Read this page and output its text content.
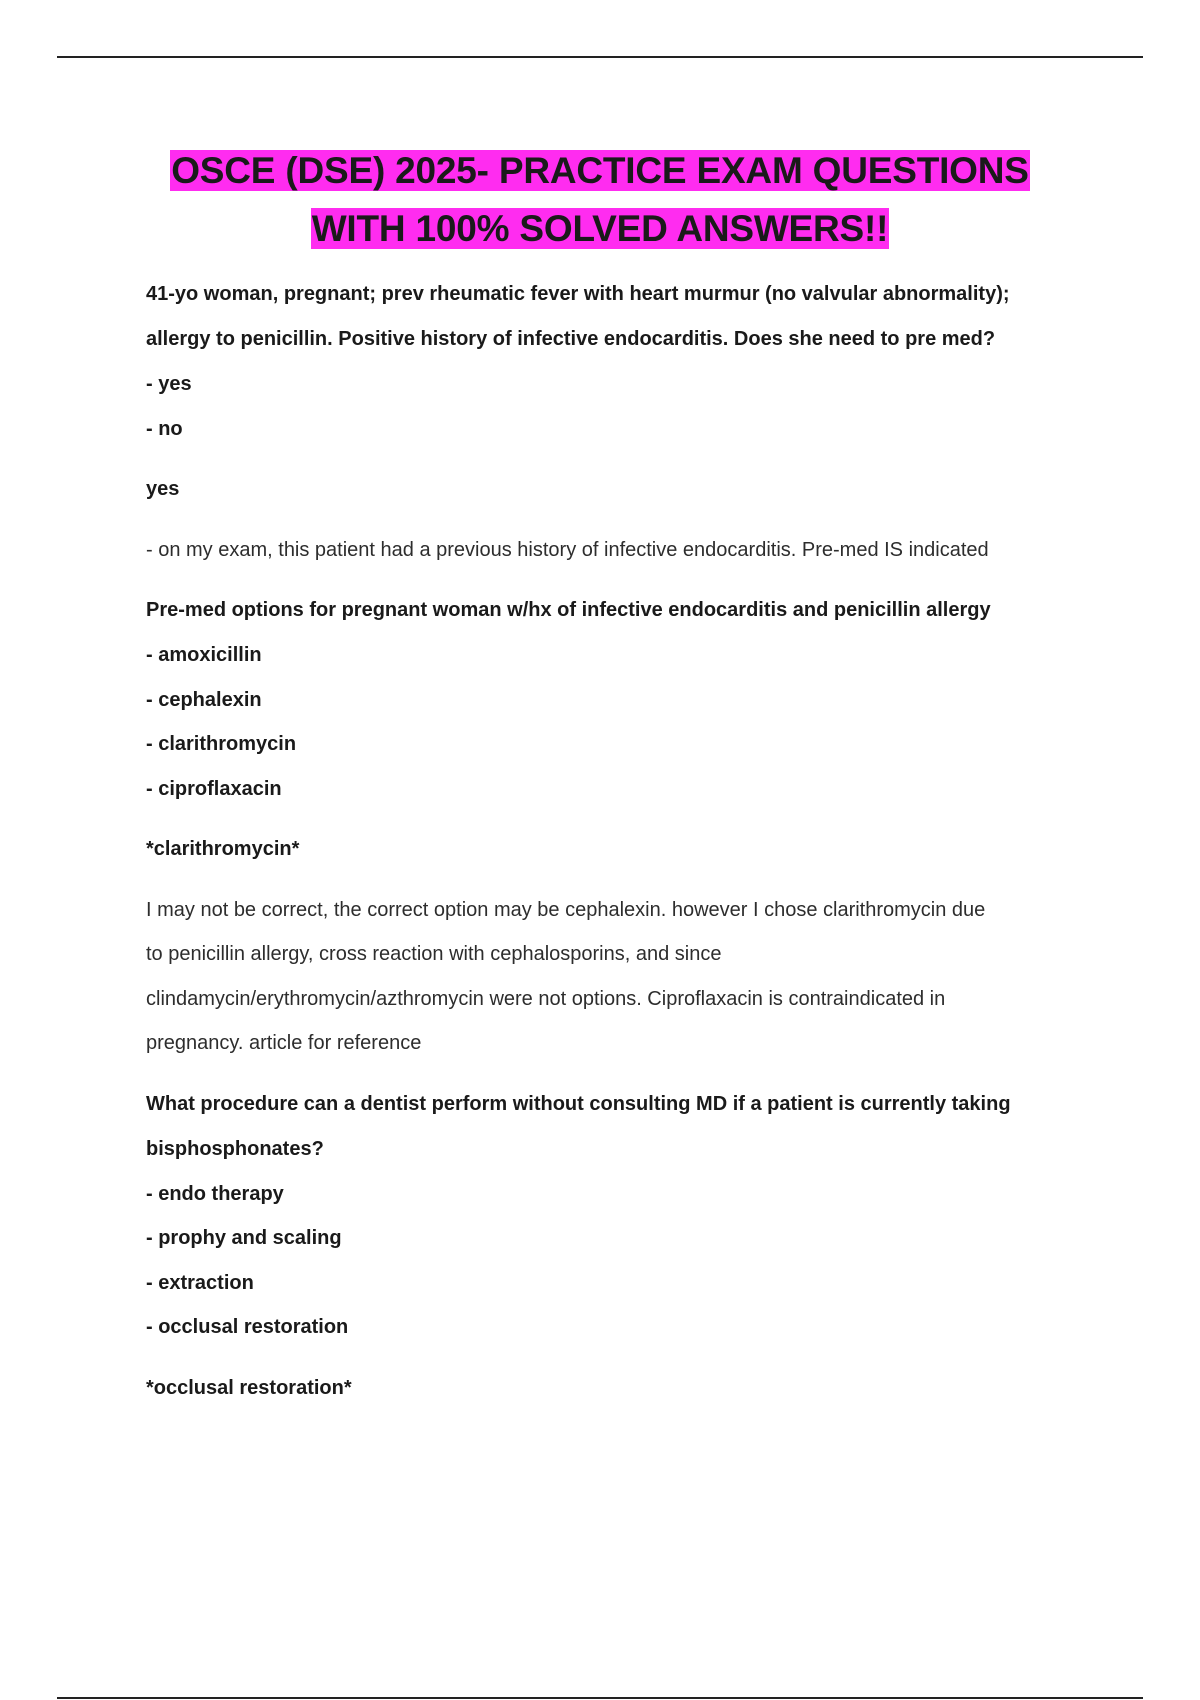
OSCE (DSE) 2025- PRACTICE EXAM QUESTIONS
WITH 100% SOLVED ANSWERS!!
41-yo woman, pregnant; prev rheumatic fever with heart murmur (no valvular abnormality);
allergy to penicillin. Positive history of infective endocarditis. Does she need to pre med?
- yes
- no
yes
- on my exam, this patient had a previous history of infective endocarditis. Pre-med IS indicated
Pre-med options for pregnant woman w/hx of infective endocarditis and penicillin allergy
- amoxicillin
- cephalexin
- clarithromycin
- ciproflaxacin
*clarithromycin*
I may not be correct, the correct option may be cephalexin. however I chose clarithromycin due
to penicillin allergy, cross reaction with cephalosporins, and since
clindamycin/erythromycin/azthromycin were not options. Ciproflaxacin is contraindicated in
pregnancy. article for reference
What procedure can a dentist perform without consulting MD if a patient is currently taking
bisphosphonates?
- endo therapy
- prophy and scaling
- extraction
- occlusal restoration
*occlusal restoration*
